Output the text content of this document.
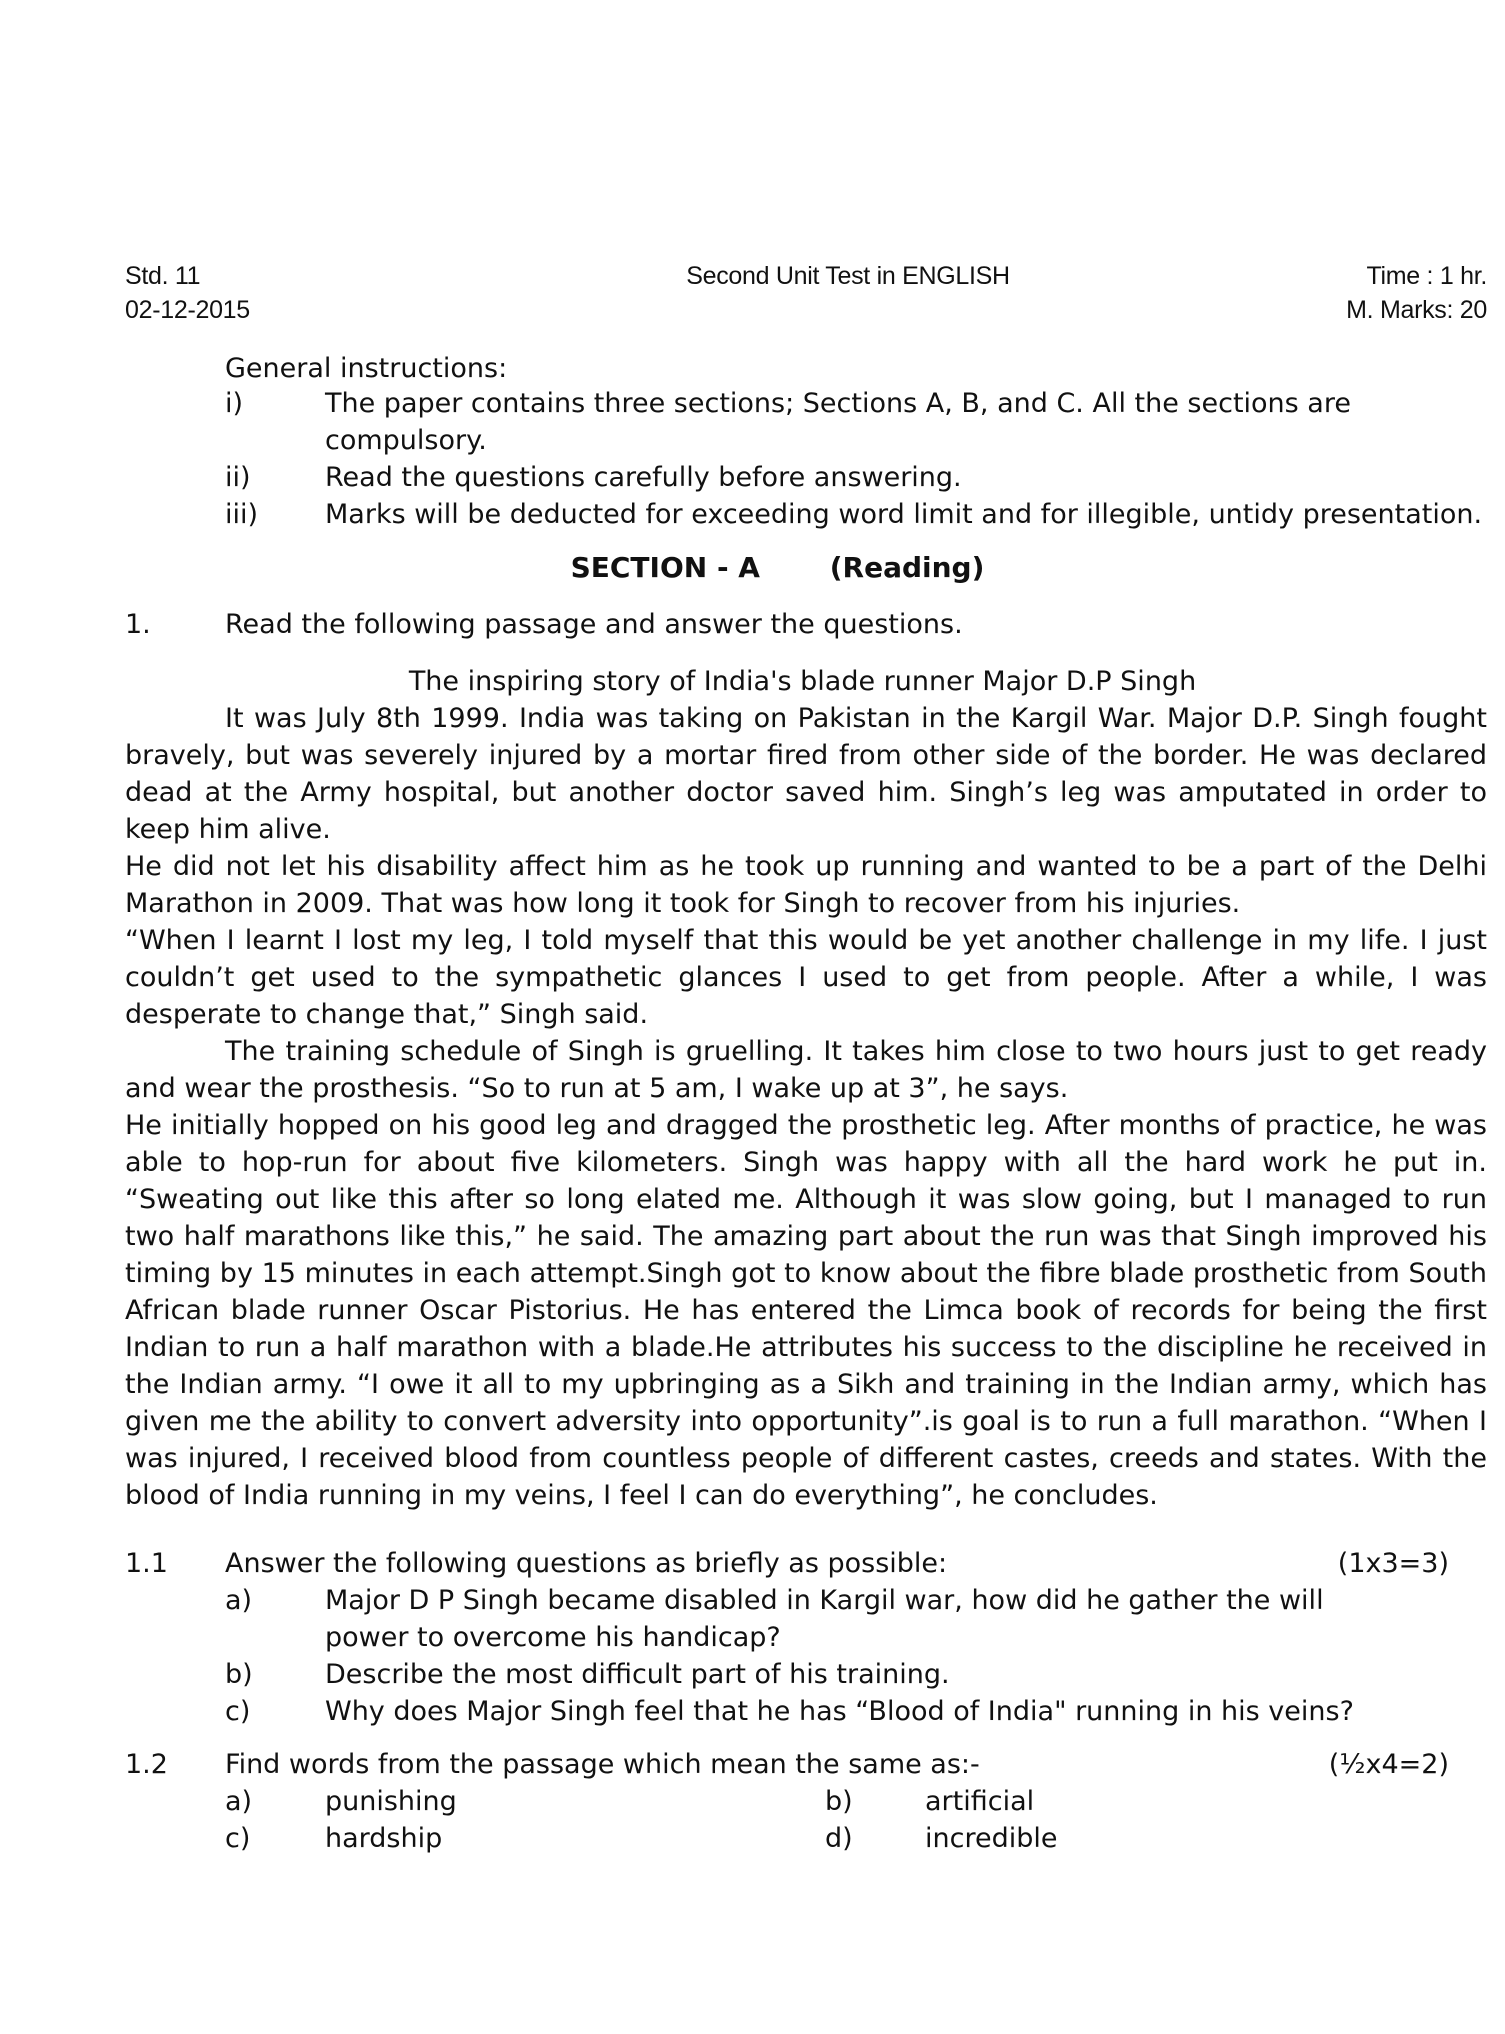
Std. 11	Second Unit Test in ENGLISH	Time : 1 hr.
02-12-2015	M. Marks: 20
General instructions:
i)	The paper contains three sections; Sections A, B, and C. All the sections are compulsory.
ii)	Read the questions carefully before answering.
iii)	Marks will be deducted for exceeding word limit and for illegible, untidy presentation.
SECTION - A (Reading)
1.	Read the following passage and answer the questions.
The inspiring story of India's blade runner Major D.P Singh

It was July 8th 1999. India was taking on Pakistan in the Kargil War. Major D.P. Singh fought bravely, but was severely injured by a mortar fired from other side of the border. He was declared dead at the Army hospital, but another doctor saved him. Singh’s leg was amputated in order to keep him alive.

He did not let his disability affect him as he took up running and wanted to be a part of the Delhi Marathon in 2009. That was how long it took for Singh to recover from his injuries.

“When I learnt I lost my leg, I told myself that this would be yet another challenge in my life. I just couldn’t get used to the sympathetic glances I used to get from people. After a while, I was desperate to change that,” Singh said.

The training schedule of Singh is gruelling. It takes him close to two hours just to get ready and wear the prosthesis. “So to run at 5 am, I wake up at 3”, he says.

He initially hopped on his good leg and dragged the prosthetic leg. After months of practice, he was able to hop-run for about five kilometers. Singh was happy with all the hard work he put in. “Sweating out like this after so long elated me. Although it was slow going, but I managed to run two half marathons like this,” he said. The amazing part about the run was that Singh improved his timing by 15 minutes in each attempt.Singh got to know about the fibre blade prosthetic from South African blade runner Oscar Pistorius. He has entered the Limca book of records for being the first Indian to run a half marathon with a blade.He attributes his success to the discipline he received in the Indian army. “I owe it all to my upbringing as a Sikh and training in the Indian army, which has given me the ability to convert adversity into opportunity”.is goal is to run a full marathon. “When I was injured, I received blood from countless people of different castes, creeds and states. With the blood of India running in my veins, I feel I can do everything”, he concludes.

1.1	Answer the following questions as briefly as possible:	(1x3=3)
a)	Major D P Singh became disabled in Kargil war, how did he gather the will power to overcome his handicap?
b)	Describe the most difficult part of his training.
c)	Why does Major Singh feel that he has “Blood of India" running in his veins?
1.2	Find words from the passage which mean the same as:-	(½x4=2)
a)	punishing	b)	artificial
c)	hardship	d)	incredible
